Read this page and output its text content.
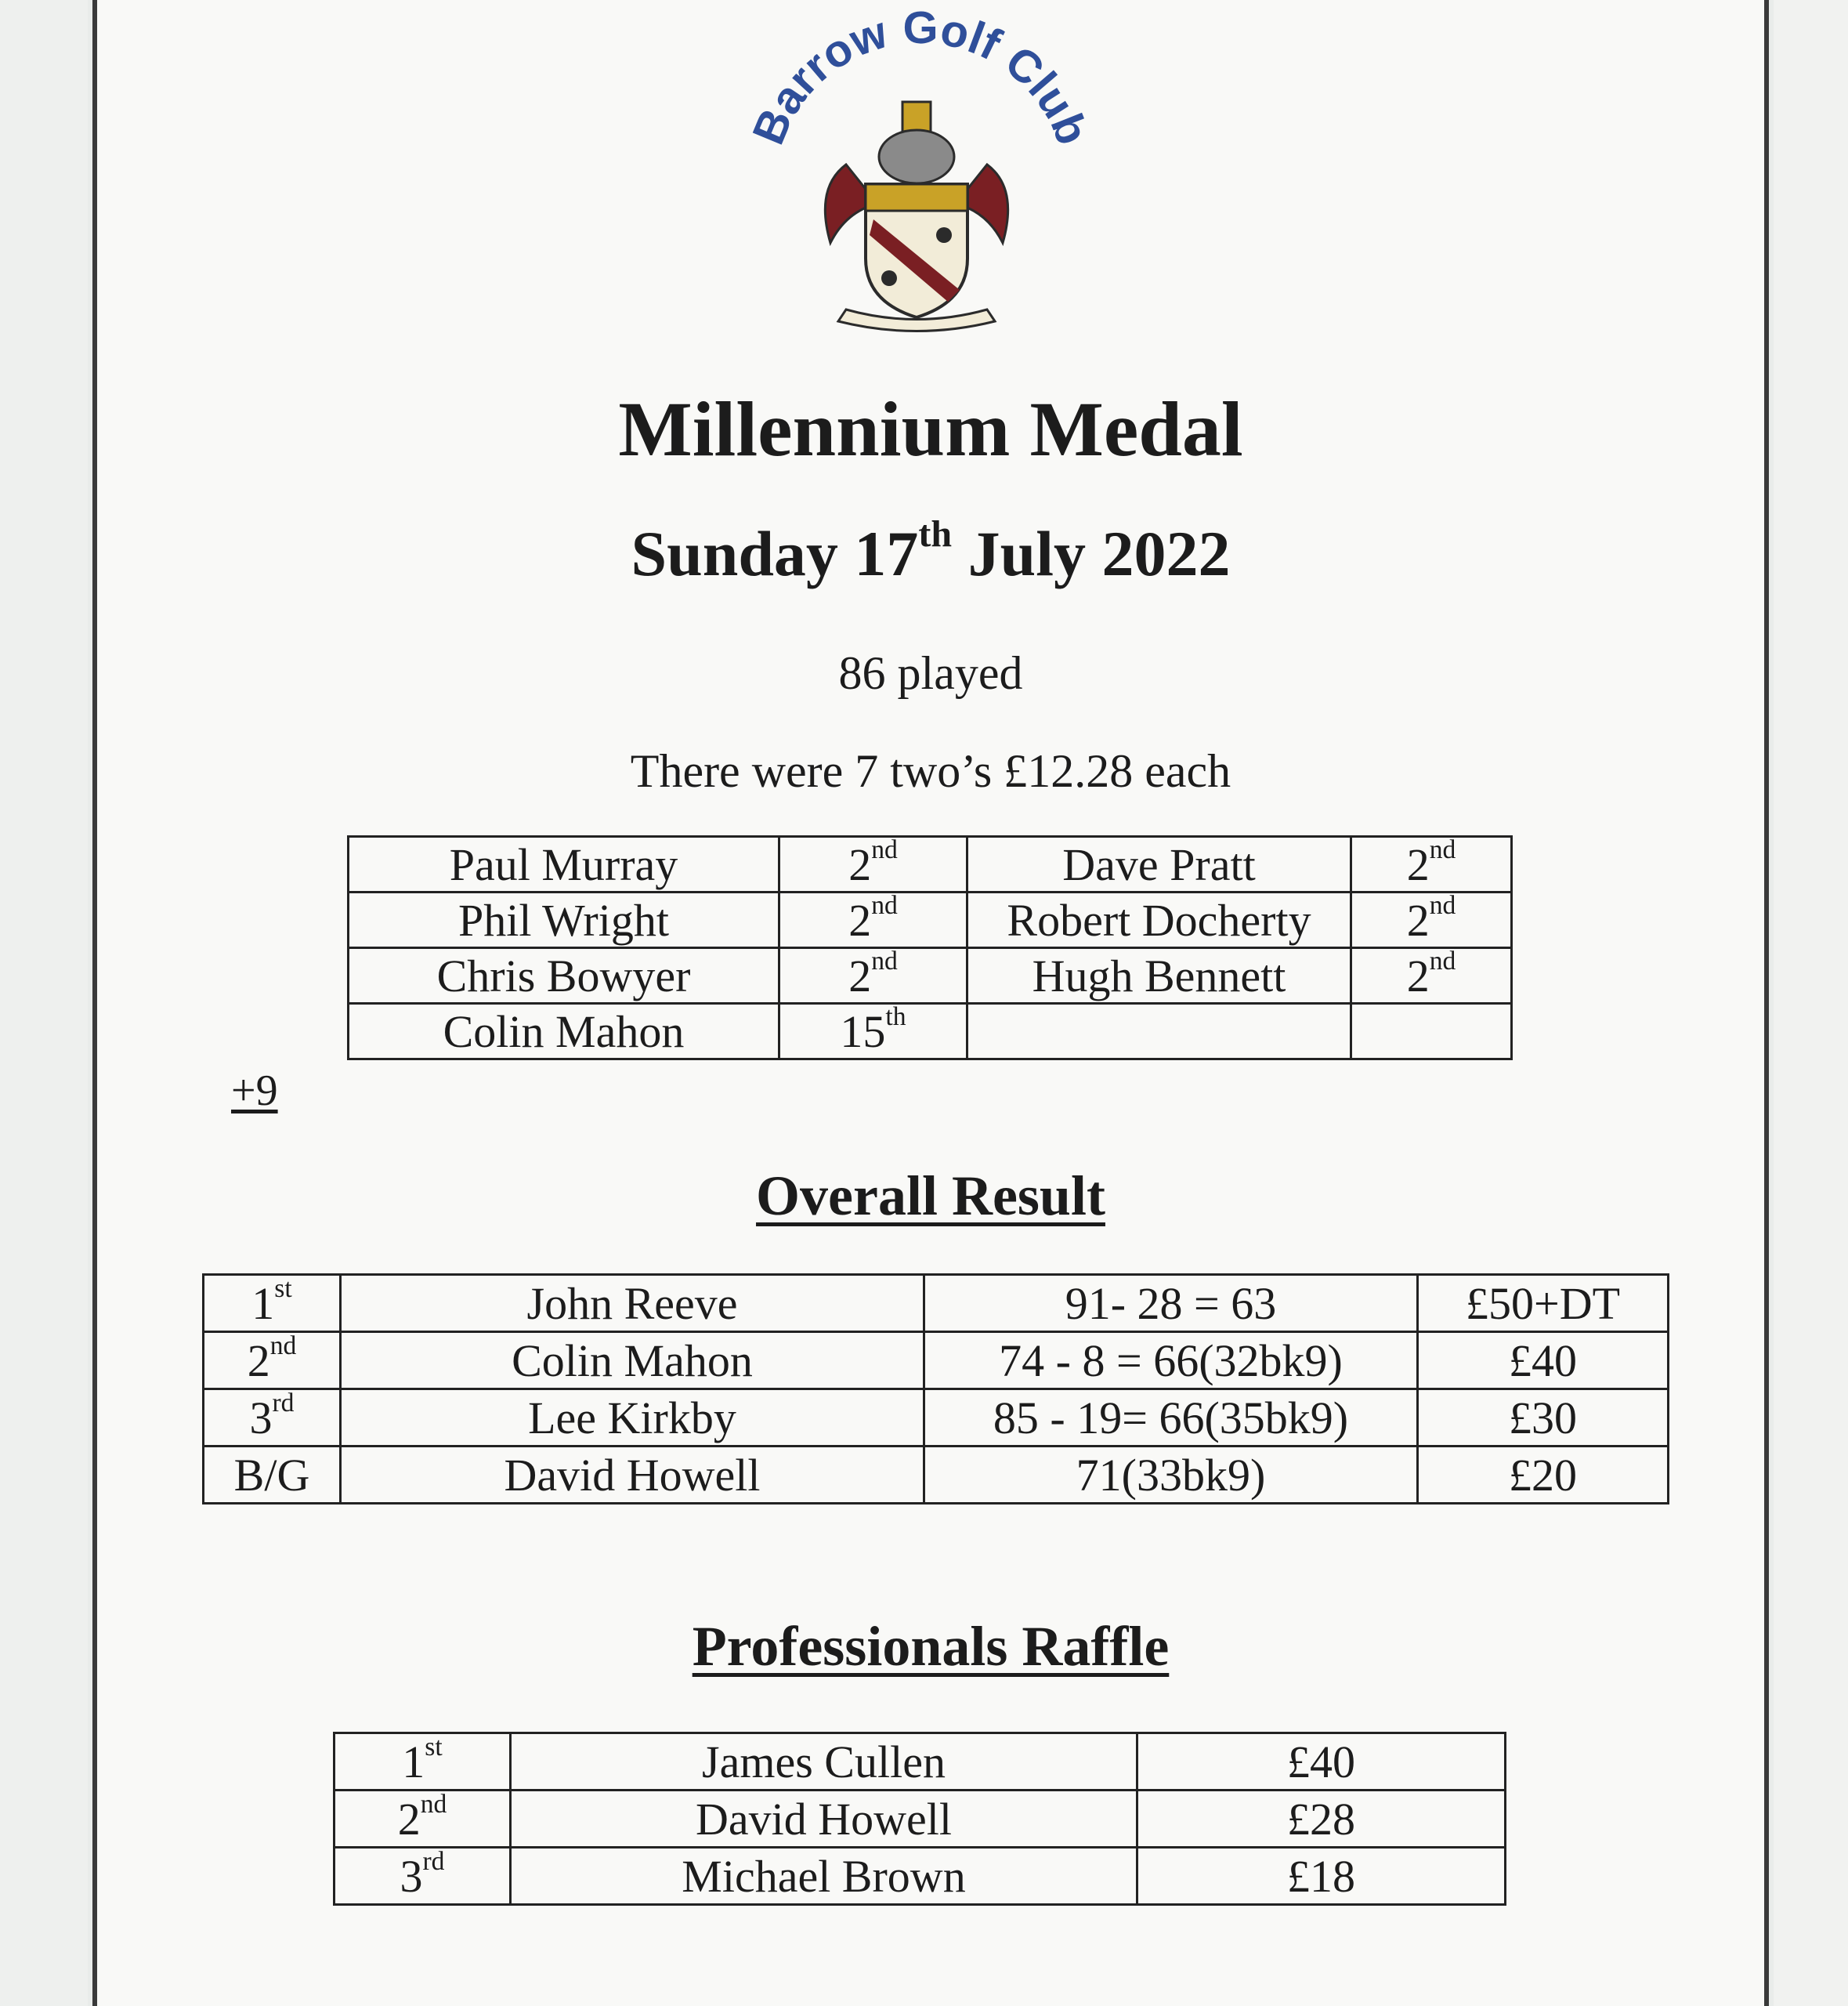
Barrow Golf Club
Millennium Medal
Sunday 17th July 2022
86 played
There were 7 two’s £12.28 each
Paul Murray	2nd	Dave Pratt	2nd
Phil Wright	2nd	Robert Docherty	2nd
Chris Bowyer	2nd	Hugh Bennett	2nd
Colin Mahon	15th		
+9
Overall Result
1st	John Reeve	91- 28 = 63	£50+DT
2nd	Colin Mahon	74 - 8 = 66(32bk9)	£40
3rd	Lee Kirkby	85 - 19= 66(35bk9)	£30
B/G	David Howell	71(33bk9)	£20
Professionals Raffle
1st	James Cullen	£40
2nd	David Howell	£28
3rd	Michael Brown	£18
